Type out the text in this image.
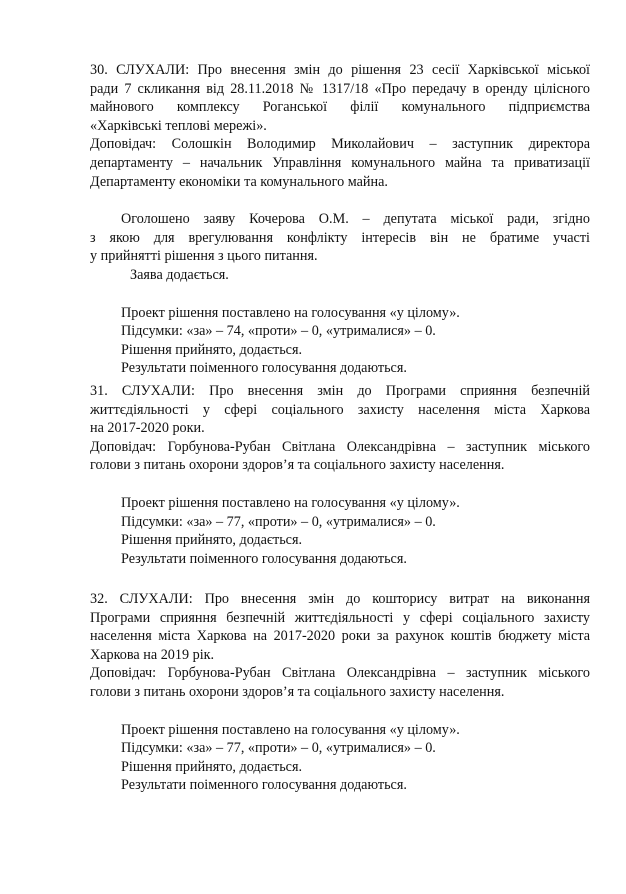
30. СЛУХАЛИ: Про внесення змін до рішення 23 сесії Харківської міської
ради 7 скликання від 28.11.2018 № 1317/18 «Про передачу в оренду цілісного
майнового комплексу Роганської філії комунального підприємства
«Харківські теплові мережі».
Доповідач: Солошкін Володимир Миколайович – заступник директора
департаменту – начальник Управління комунального майна та приватизації
Департаменту економіки та комунального майна.
Оголошено заяву Кочерова О.М. – депутата міської ради, згідно
з якою для врегулювання конфлікту інтересів він не братиме участі
у прийнятті рішення з цього питання.
Заява додається.
Проект рішення поставлено на голосування «у цілому».
Підсумки: «за» – 74, «проти» – 0, «утрималися» – 0.
Рішення прийнято, додається.
Результати поіменного голосування додаються.
31. СЛУХАЛИ: Про внесення змін до Програми сприяння безпечній
життєдіяльності у сфері соціального захисту населення міста Харкова
на 2017-2020 роки.
Доповідач: Горбунова-Рубан Світлана Олександрівна – заступник міського
голови з питань охорони здоров’я та соціального захисту населення.
Проект рішення поставлено на голосування «у цілому».
Підсумки: «за» – 77, «проти» – 0, «утрималися» – 0.
Рішення прийнято, додається.
Результати поіменного голосування додаються.
32. СЛУХАЛИ: Про внесення змін до кошторису витрат на виконання
Програми сприяння безпечній життєдіяльності у сфері соціального захисту
населення міста Харкова на 2017-2020 роки за рахунок коштів бюджету міста
Харкова на 2019 рік.
Доповідач: Горбунова-Рубан Світлана Олександрівна – заступник міського
голови з питань охорони здоров’я та соціального захисту населення.
Проект рішення поставлено на голосування «у цілому».
Підсумки: «за» – 77, «проти» – 0, «утрималися» – 0.
Рішення прийнято, додається.
Результати поіменного голосування додаються.
